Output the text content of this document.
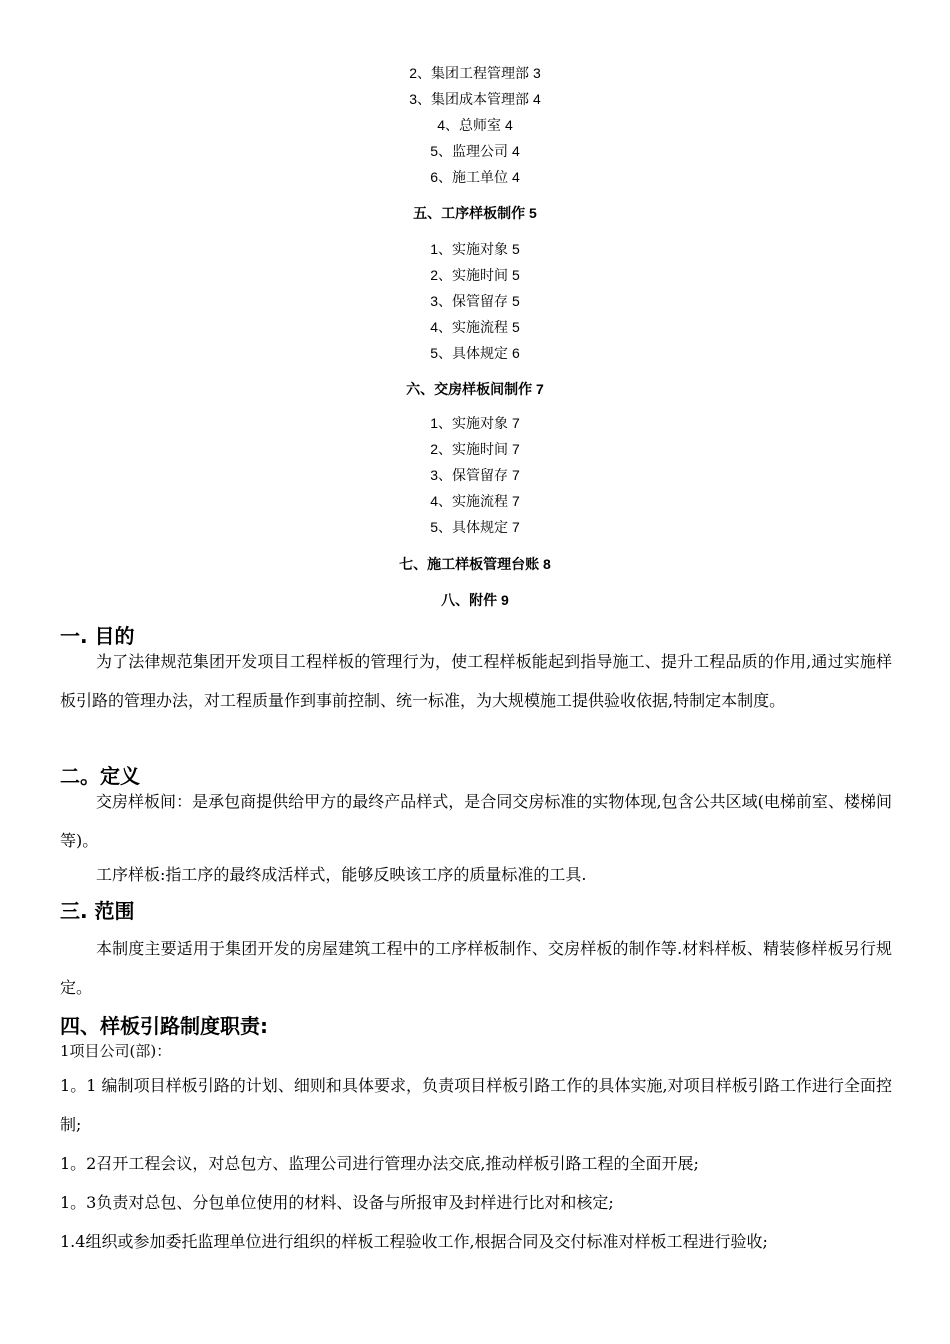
2、集团工程管理部 3
3、集团成本管理部 4
4、总师室 4
5、监理公司 4
6、施工单位 4
五、工序样板制作 5
1、实施对象 5
2、实施时间 5
3、保管留存 5
4、实施流程 5
5、具体规定 6
六、交房样板间制作 7
1、实施对象 7
2、实施时间 7
3、保管留存 7
4、实施流程 7
5、具体规定 7
七、施工样板管理台账 8
八、附件 9
一. 目的
为了法律规范集团开发项目工程样板的管理行为，使工程样板能起到指导施工、提升工程品质的作用,通过实施样板引路的管理办法，对工程质量作到事前控制、统一标准，为大规模施工提供验收依据,特制定本制度。
二。定义
交房样板间：是承包商提供给甲方的最终产品样式，是合同交房标准的实物体现,包含公共区域(电梯前室、楼梯间等)。
工序样板:指工序的最终成活样式，能够反映该工序的质量标准的工具.
三. 范围
本制度主要适用于集团开发的房屋建筑工程中的工序样板制作、交房样板的制作等.材料样板、精装修样板另行规定。
四、样板引路制度职责:
1项目公司(部)：
1。1 编制项目样板引路的计划、细则和具体要求，负责项目样板引路工作的具体实施,对项目样板引路工作进行全面控制;
1。2召开工程会议，对总包方、监理公司进行管理办法交底,推动样板引路工程的全面开展;
1。3负责对总包、分包单位使用的材料、设备与所报审及封样进行比对和核定;
1.4组织或参加委托监理单位进行组织的样板工程验收工作,根据合同及交付标准对样板工程进行验收;
